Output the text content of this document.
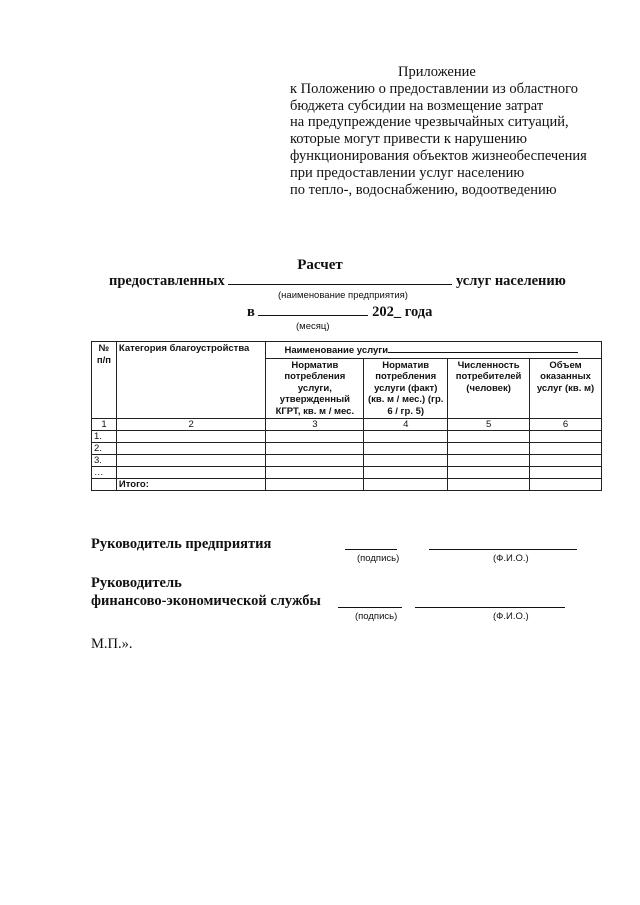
Приложение
к Положению о предоставлении из областного
бюджета субсидии на возмещение затрат
на предупреждение чрезвычайных ситуаций,
которые могут привести к нарушению
функционирования объектов жизнеобеспечения
при предоставлении услуг населению
по тепло-, водоснабжению, водоотведению
Расчет
предоставленных	услуг населению
(наименование предприятия)
в	202_ года
(месяц)
№ п/п	Категория благоустройства	Наименование услуги			
		Норматив потребления услуги, утвержденный КГРТ, кв. м / мес.	Норматив потребления услуги (факт) (кв. м / мес.) (гр. 6 / гр. 5)	Численность потребителей (человек)	Объем оказанных услуг (кв. м)
1	2	3	4	5	6
1.					
2.					
3.					
…					
	Итого:				
Руководитель предприятия
(подпись)	(Ф.И.О.)
Руководитель
финансово-экономической службы
(подпись)	(Ф.И.О.)
М.П.».
